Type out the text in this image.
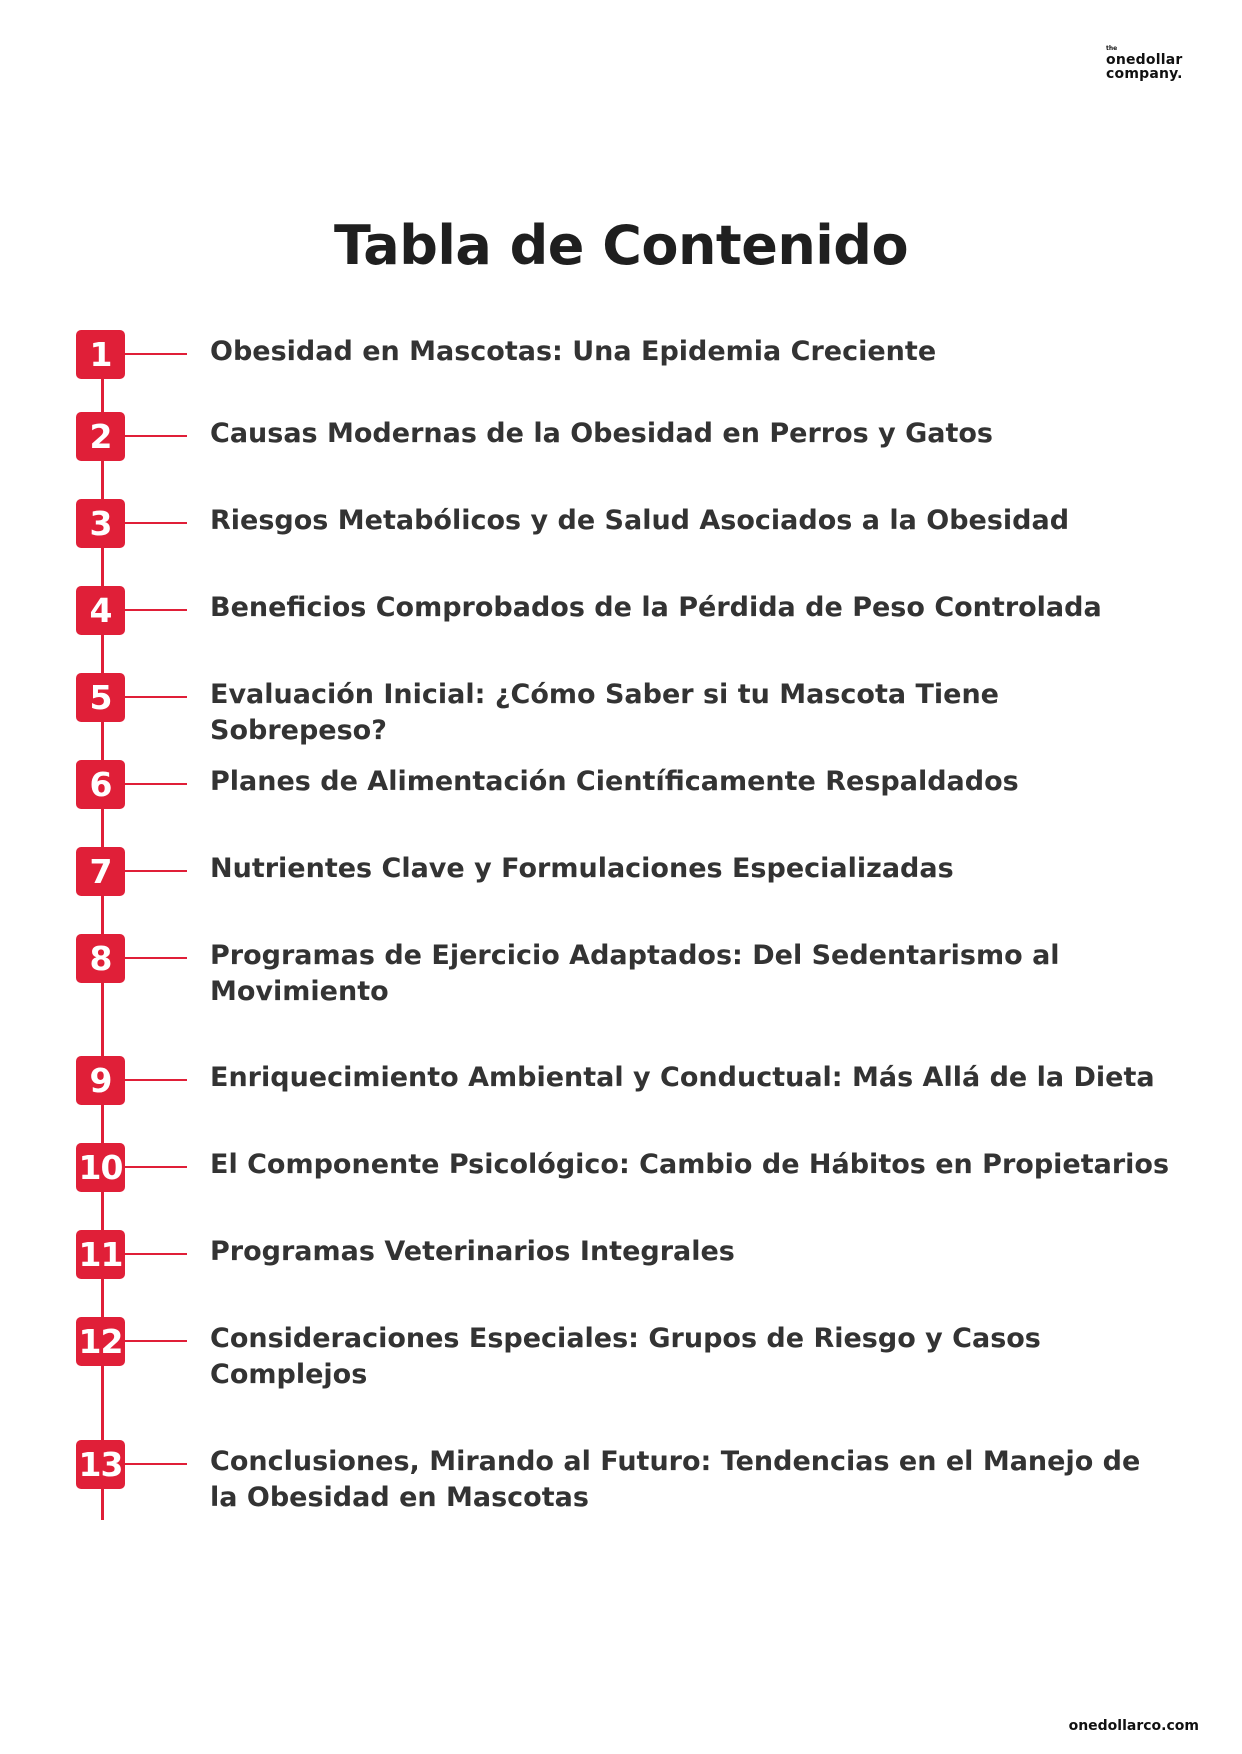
the
onedollar
company.
Tabla de Contenido
1	Obesidad en Mascotas: Una Epidemia Creciente
2	Causas Modernas de la Obesidad en Perros y Gatos
3	Riesgos Metabólicos y de Salud Asociados a la Obesidad
4	Beneficios Comprobados de la Pérdida de Peso Controlada
5	Evaluación Inicial: ¿Cómo Saber si tu Mascota Tiene Sobrepeso?
6	Planes de Alimentación Científicamente Respaldados
7	Nutrientes Clave y Formulaciones Especializadas
8	Programas de Ejercicio Adaptados: Del Sedentarismo al Movimiento
9	Enriquecimiento Ambiental y Conductual: Más Allá de la Dieta
10	El Componente Psicológico: Cambio de Hábitos en Propietarios
11	Programas Veterinarios Integrales
12	Consideraciones Especiales: Grupos de Riesgo y Casos Complejos
13	Conclusiones, Mirando al Futuro: Tendencias en el Manejo de la Obesidad en Mascotas
onedollarco.com
